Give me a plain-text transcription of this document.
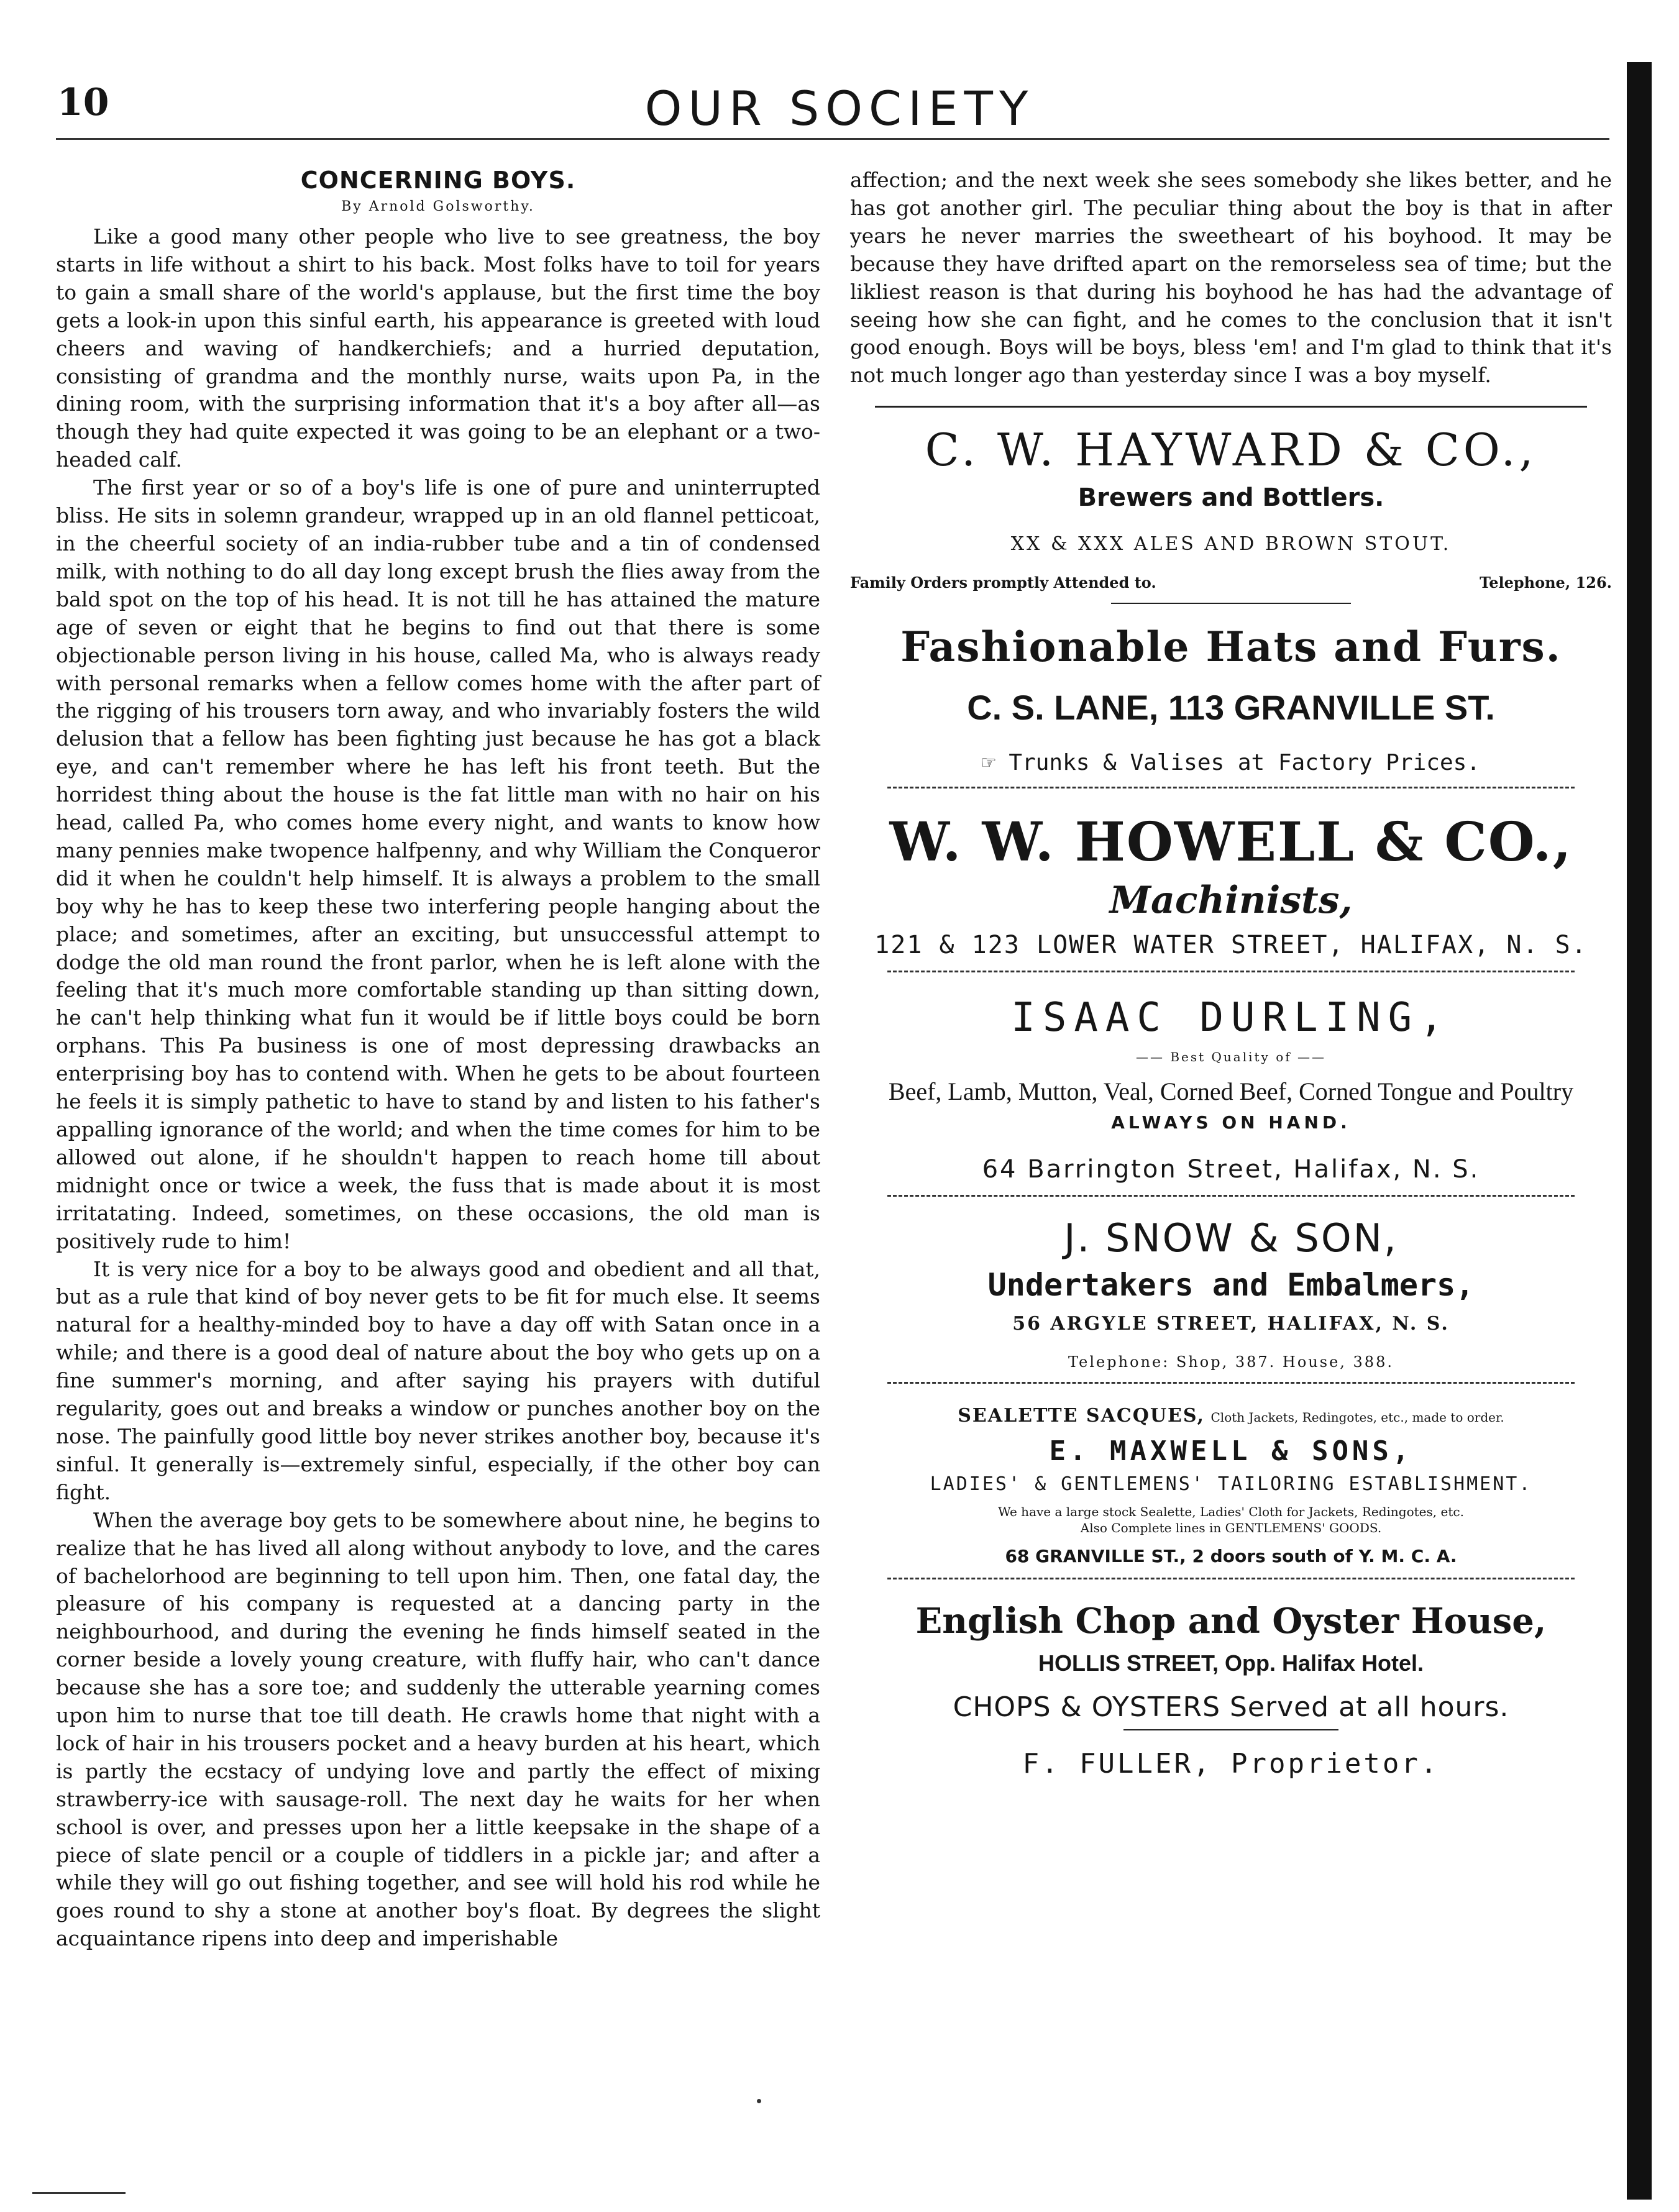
10	OUR SOCIETY
CONCERNING BOYS.
By Arnold Golsworthy.

Like a good many other people who live to see greatness, the boy starts in life without a shirt to his back. Most folks have to toil for years to gain a small share of the world's applause, but the first time the boy gets a look-in upon this sinful earth, his appearance is greeted with loud cheers and waving of handkerchiefs; and a hurried deputation, consisting of grandma and the monthly nurse, waits upon Pa, in the dining room, with the surprising information that it's a boy after all—as though they had quite expected it was going to be an elephant or a two-headed calf.

The first year or so of a boy's life is one of pure and uninterrupted bliss. He sits in solemn grandeur, wrapped up in an old flannel petticoat, in the cheerful society of an india-rubber tube and a tin of condensed milk, with nothing to do all day long except brush the flies away from the bald spot on the top of his head. It is not till he has attained the mature age of seven or eight that he begins to find out that there is some objectionable person living in his house, called Ma, who is always ready with personal remarks when a fellow comes home with the after part of the rigging of his trousers torn away, and who invariably fosters the wild delusion that a fellow has been fighting just because he has got a black eye, and can't remember where he has left his front teeth. But the horridest thing about the house is the fat little man with no hair on his head, called Pa, who comes home every night, and wants to know how many pennies make twopence halfpenny, and why William the Conqueror did it when he couldn't help himself. It is always a problem to the small boy why he has to keep these two interfering people hanging about the place; and sometimes, after an exciting, but unsuccessful attempt to dodge the old man round the front parlor, when he is left alone with the feeling that it's much more comfortable standing up than sitting down, he can't help thinking what fun it would be if little boys could be born orphans. This Pa business is one of most depressing drawbacks an enterprising boy has to contend with. When he gets to be about fourteen he feels it is simply pathetic to have to stand by and listen to his father's appalling ignorance of the world; and when the time comes for him to be allowed out alone, if he shouldn't happen to reach home till about midnight once or twice a week, the fuss that is made about it is most irritatating. Indeed, sometimes, on these occasions, the old man is positively rude to him!

It is very nice for a boy to be always good and obedient and all that, but as a rule that kind of boy never gets to be fit for much else. It seems natural for a healthy-minded boy to have a day off with Satan once in a while; and there is a good deal of nature about the boy who gets up on a fine summer's morning, and after saying his prayers with dutiful regularity, goes out and breaks a window or punches another boy on the nose. The painfully good little boy never strikes another boy, because it's sinful. It generally is—extremely sinful, especially, if the other boy can fight.

When the average boy gets to be somewhere about nine, he begins to realize that he has lived all along without anybody to love, and the cares of bachelorhood are beginning to tell upon him. Then, one fatal day, the pleasure of his company is requested at a dancing party in the neighbourhood, and during the evening he finds himself seated in the corner beside a lovely young creature, with fluffy hair, who can't dance because she has a sore toe; and suddenly the utterable yearning comes upon him to nurse that toe till death. He crawls home that night with a lock of hair in his trousers pocket and a heavy burden at his heart, which is partly the ecstacy of undying love and partly the effect of mixing strawberry-ice with sausage-roll. The next day he waits for her when school is over, and presses upon her a little keepsake in the shape of a piece of slate pencil or a couple of tiddlers in a pickle jar; and after a while they will go out fishing together, and see will hold his rod while he goes round to shy a stone at another boy's float. By degrees the slight acquaintance ripens into deep and imperishable

affection; and the next week she sees somebody she likes better, and he has got another girl. The peculiar thing about the boy is that in after years he never marries the sweetheart of his boyhood. It may be because they have drifted apart on the remorseless sea of time; but the likliest reason is that during his boyhood he has had the advantage of seeing how she can fight, and he comes to the conclusion that it isn't good enough. Boys will be boys, bless 'em! and I'm glad to think that it's not much longer ago than yesterday since I was a boy myself.

C. W. HAYWARD & CO.,

Brewers and Bottlers.

XX & XXX ALES AND BROWN STOUT.

Family Orders promptly Attended to.	Telephone, 126.

Fashionable Hats and Furs.

C. S. LANE, 113 GRANVILLE ST.

☞ Trunks & Valises at Factory Prices.

W. W. HOWELL & CO.,

Machinists,

121 & 123 LOWER WATER STREET, HALIFAX, N. S.

ISAAC DURLING,

—— Best Quality of ——

Beef, Lamb, Mutton, Veal, Corned Beef, Corned Tongue and Poultry

ALWAYS ON HAND.

64 Barrington Street, Halifax, N. S.

J. SNOW & SON,

Undertakers and Embalmers,

56 ARGYLE STREET, HALIFAX, N. S.

Telephone: Shop, 387. House, 388.

SEALETTE SACQUES, Cloth Jackets, Redingotes, etc., made to order.

E. MAXWELL & SONS,

LADIES' & GENTLEMENS' TAILORING ESTABLISHMENT.

We have a large stock Sealette, Ladies' Cloth for Jackets, Redingotes, etc.

Also Complete lines in GENTLEMENS' GOODS.

68 GRANVILLE ST., 2 doors south of Y. M. C. A.

English Chop and Oyster House,

HOLLIS STREET, Opp. Halifax Hotel.

CHOPS & OYSTERS Served at all hours.

F. FULLER, Proprietor.
